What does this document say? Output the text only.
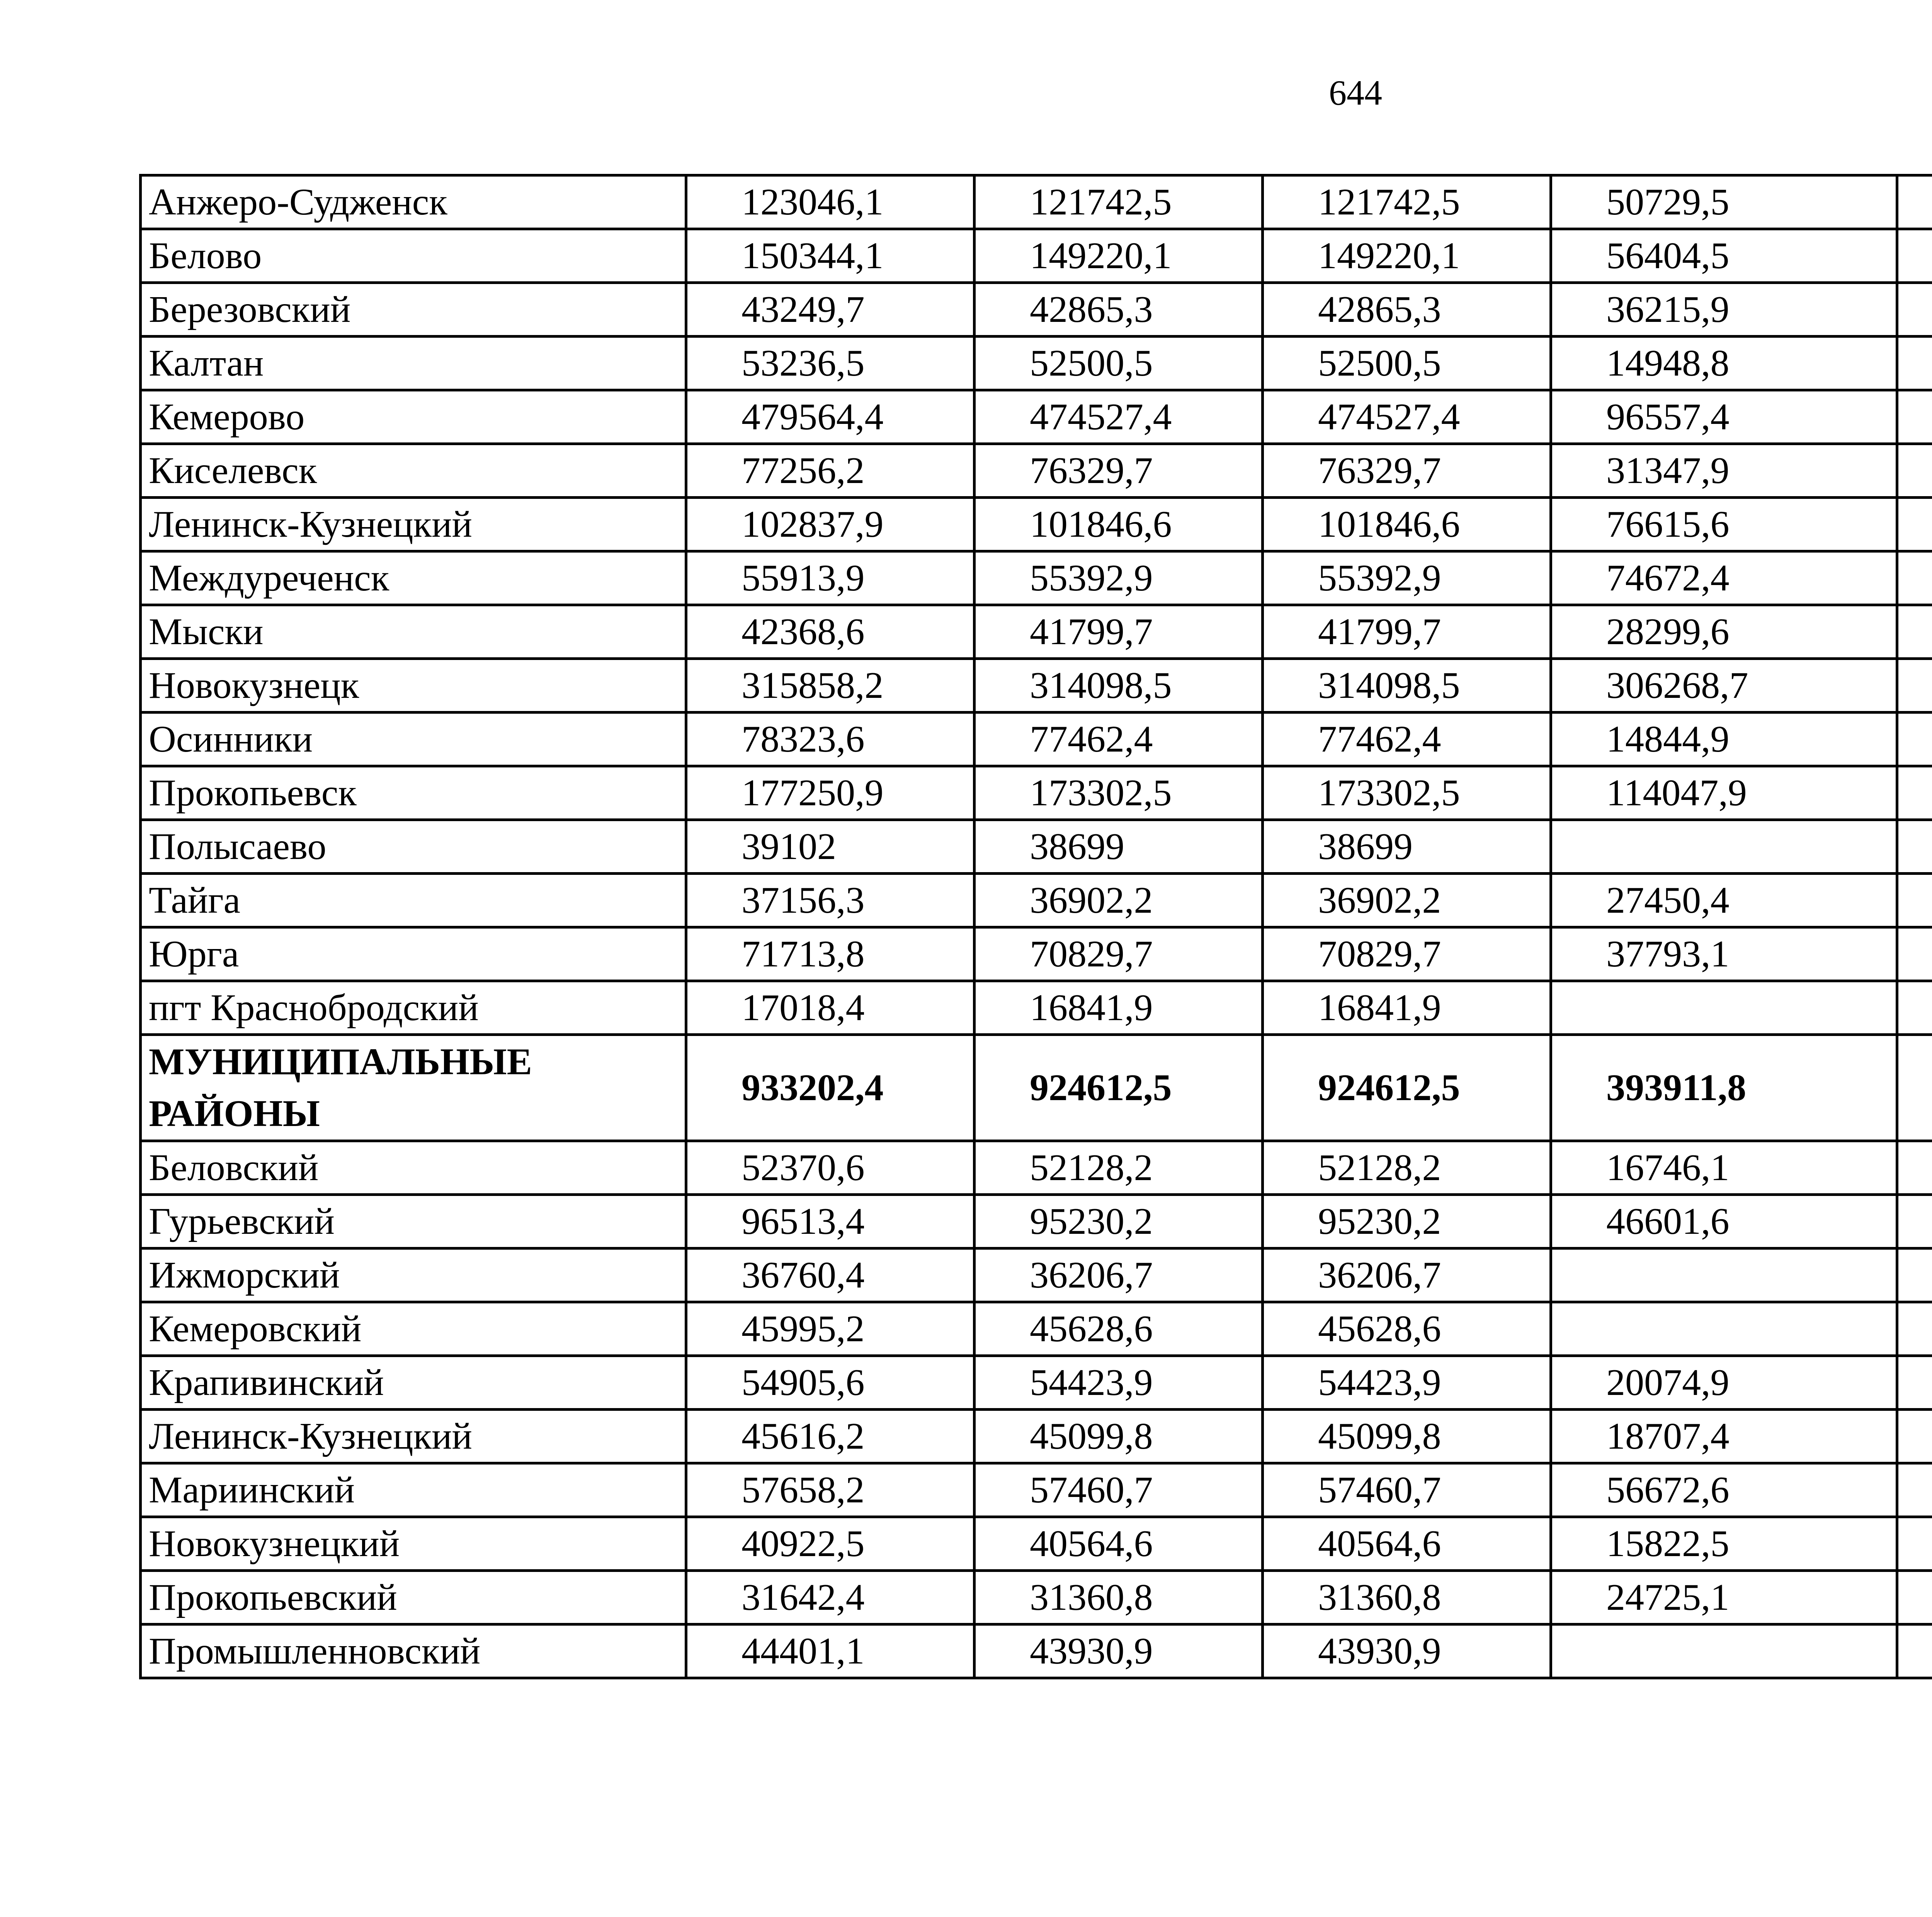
644
Анжеро-Судженск	123046,1	121742,5	121742,5	50729,5		
Белово	150344,1	149220,1	149220,1	56404,5		
Березовский	43249,7	42865,3	42865,3	36215,9		
Калтан	53236,5	52500,5	52500,5	14948,8		
Кемерово	479564,4	474527,4	474527,4	96557,4		
Киселевск	77256,2	76329,7	76329,7	31347,9		
Ленинск-Кузнецкий	102837,9	101846,6	101846,6	76615,6		
Междуреченск	55913,9	55392,9	55392,9	74672,4		
Мыски	42368,6	41799,7	41799,7	28299,6		
Новокузнецк	315858,2	314098,5	314098,5	306268,7		
Осинники	78323,6	77462,4	77462,4	14844,9		
Прокопьевск	177250,9	173302,5	173302,5	114047,9		
Полысаево	39102	38699	38699			
Тайга	37156,3	36902,2	36902,2	27450,4		
Юрга	71713,8	70829,7	70829,7	37793,1		
пгт Краснобродский	17018,4	16841,9	16841,9			
МУНИЦИПАЛЬНЫЕ РАЙОНЫ	933202,4	924612,5	924612,5	393911,8		
Беловский	52370,6	52128,2	52128,2	16746,1		
Гурьевский	96513,4	95230,2	95230,2	46601,6		
Ижморский	36760,4	36206,7	36206,7			
Кемеровский	45995,2	45628,6	45628,6			
Крапивинский	54905,6	54423,9	54423,9	20074,9		
Ленинск-Кузнецкий	45616,2	45099,8	45099,8	18707,4		
Мариинский	57658,2	57460,7	57460,7	56672,6		
Новокузнецкий	40922,5	40564,6	40564,6	15822,5		
Прокопьевский	31642,4	31360,8	31360,8	24725,1		
Промышленновский	44401,1	43930,9	43930,9			
